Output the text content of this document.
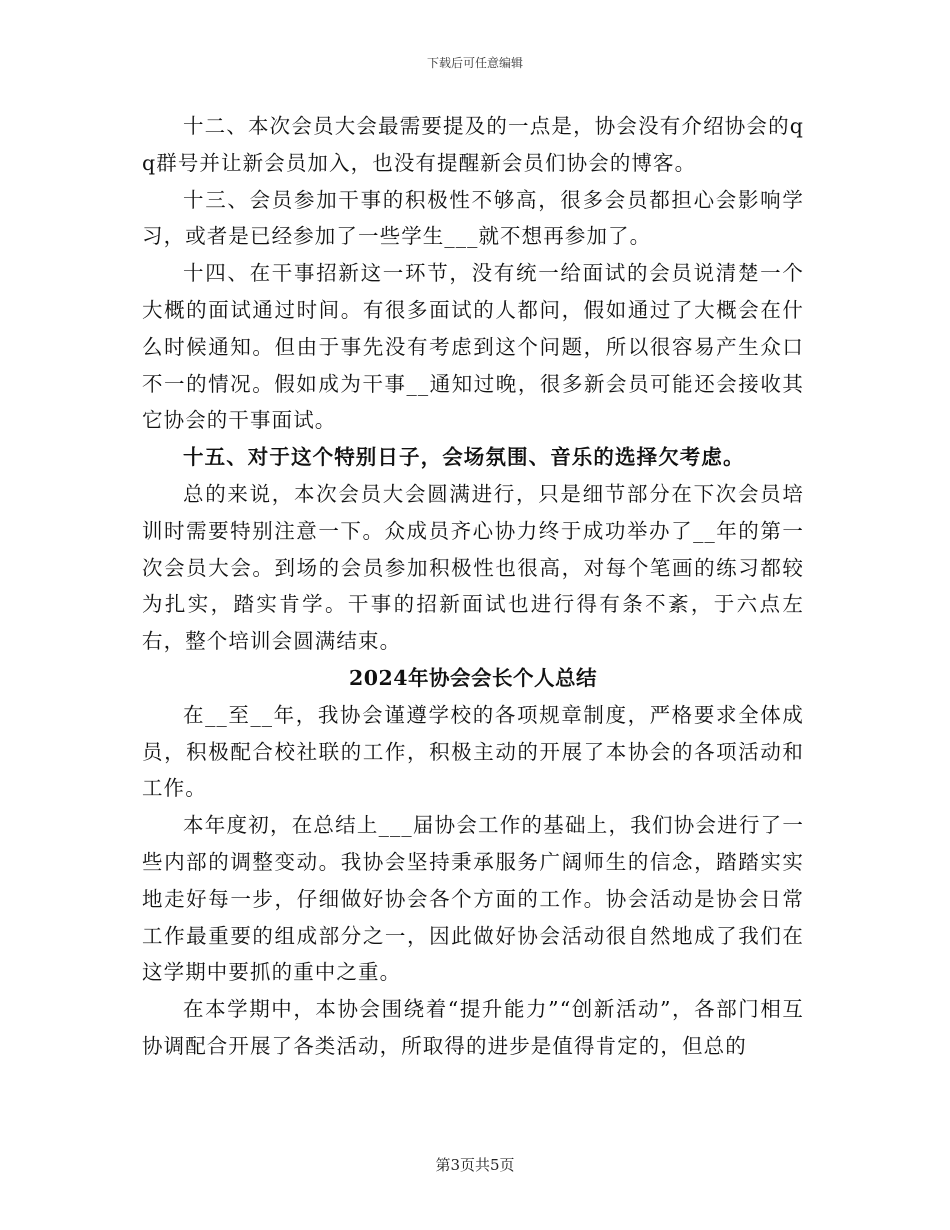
下载后可任意编辑

十二、本次会员大会最需要提及的一点是，协会没有介绍协会的qq群号并让新会员加入，也没有提醒新会员们协会的博客。

十三、会员参加干事的积极性不够高，很多会员都担心会影响学习，或者是已经参加了一些学生___就不想再参加了。

十四、在干事招新这一环节，没有统一给面试的会员说清楚一个大概的面试通过时间。有很多面试的人都问，假如通过了大概会在什么时候通知。但由于事先没有考虑到这个问题，所以很容易产生众口不一的情况。假如成为干事__通知过晚，很多新会员可能还会接收其它协会的干事面试。

十五、对于这个特别日子，会场氛围、音乐的选择欠考虑。

总的来说，本次会员大会圆满进行，只是细节部分在下次会员培训时需要特别注意一下。众成员齐心协力终于成功举办了__年的第一次会员大会。到场的会员参加积极性也很高，对每个笔画的练习都较为扎实，踏实肯学。干事的招新面试也进行得有条不紊，于六点左右，整个培训会圆满结束。

2024年协会会长个人总结

在__至__年，我协会谨遵学校的各项规章制度，严格要求全体成员，积极配合校社联的工作，积极主动的开展了本协会的各项活动和工作。

本年度初，在总结上___届协会工作的基础上，我们协会进行了一些内部的调整变动。我协会坚持秉承服务广阔师生的信念，踏踏实实地走好每一步，仔细做好协会各个方面的工作。协会活动是协会日常工作最重要的组成部分之一，因此做好协会活动很自然地成了我们在这学期中要抓的重中之重。

在本学期中，本协会围绕着“提升能力”“创新活动”，各部门相互协调配合开展了各类活动，所取得的进步是值得肯定的，但总的

第3页共5页
